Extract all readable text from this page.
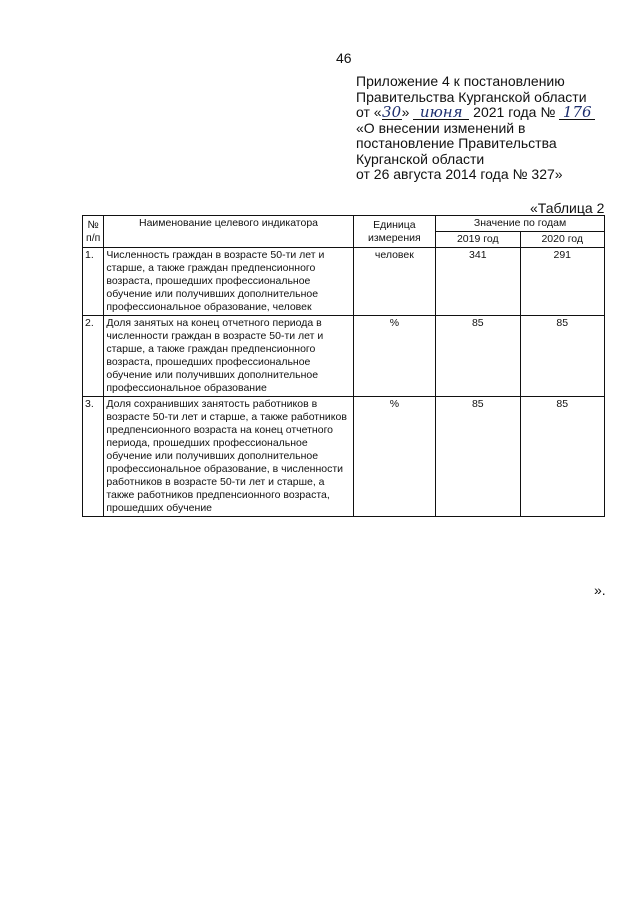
46
Приложение 4 к постановлению
Правительства Курганской области
от «30» июня 2021 года № 176
«О внесении изменений в
постановление Правительства
Курганской области
от 26 августа 2014 года № 327»
«Таблица 2
№ п/п	Наименование целевого индикатора	Единица измерения	Значение по годам	
			2019 год	2020 год
1.	Численность граждан в возрасте 50-ти лет и старше, а также граждан предпенсионного возраста, прошедших профессиональное обучение или получивших дополнительное профессиональное образование, человек	человек	341	291
2.	Доля занятых на конец отчетного периода в численности граждан в возрасте 50-ти лет и старше, а также граждан предпенсионного возраста, прошедших профессиональное обучение или получивших дополнительное профессиональное образование	%	85	85
3.	Доля сохранивших занятость работников в возрасте 50-ти лет и старше, а также работников предпенсионного возраста на конец отчетного периода, прошедших профессиональное обучение или получивших дополнительное профессиональное образование, в численности работников в возрасте 50-ти лет и старше, а также работников предпенсионного возраста, прошедших обучение	%	85	85
».
